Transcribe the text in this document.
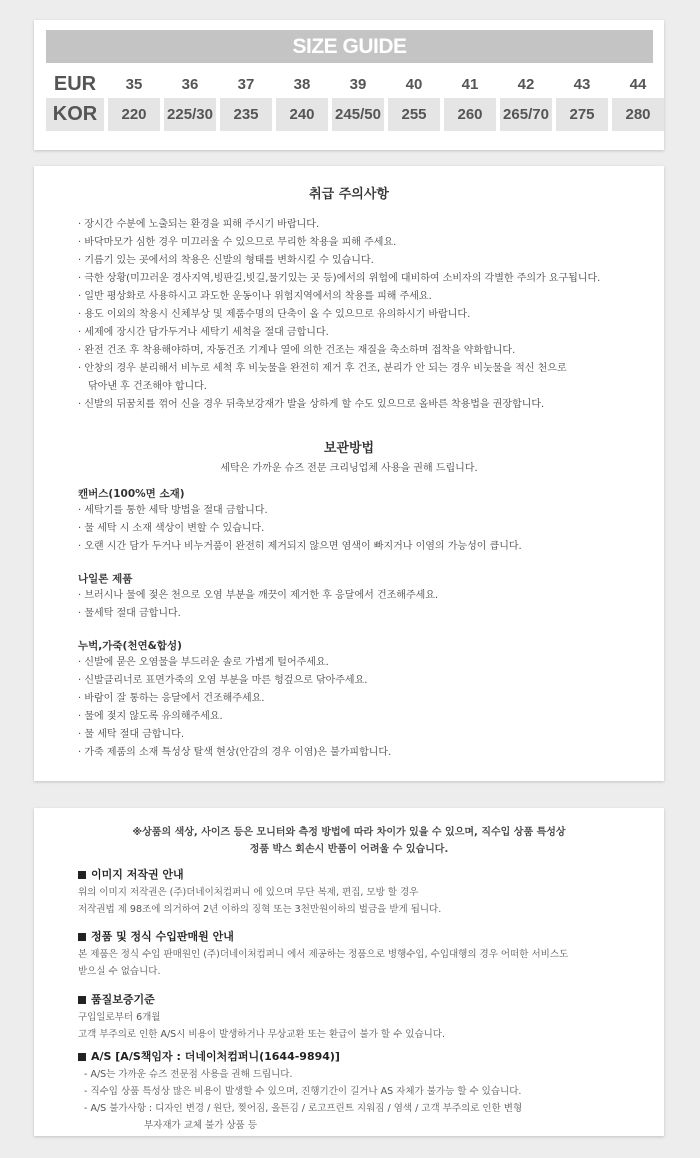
SIZE GUIDE
EUR	35	36	37	38	39	40	41	42	43	44
KOR	220	225/30	235	240	245/50	255	260	265/70	275	280
취급 주의사항
· 장시간 수분에 노출되는 환경을 피해 주시기 바랍니다.
· 바닥마모가 심한 경우 미끄러울 수 있으므로 무리한 착용을 피해 주세요.
· 기름기 있는 곳에서의 착용은 신발의 형태를 변화시킬 수 있습니다.
· 극한 상황(미끄러운 경사지역,빙판길,빗길,물기있는 곳 등)에서의 위험에 대비하여 소비자의 각별한 주의가 요구됩니다.
· 일반 평상화로 사용하시고 과도한 운동이나 위험지역에서의 착용를 피해 주세요.
· 용도 이외의 착용시 신체부상 및 제품수명의 단축이 올 수 있으므로 유의하시기 바랍니다.
· 세제에 장시간 담가두거나 세탁기 세척을 절대 금합니다.
· 완전 건조 후 착용해야하며, 자동건조 기계나 열에 의한 건조는 재질을 축소하며 접착을 약화합니다.
· 안창의 경우 분리해서 비누로 세척 후 비눗물을 완전히 제거 후 건조, 분리가 안 되는 경우 비눗물을 적신 천으로
닦아낸 후 건조해야 합니다.
· 신발의 뒤꿈치를 꺾어 신을 경우 뒤축보강재가 발을 상하게 할 수도 있으므로 올바른 착용법을 권장합니다.
보관방법
세탁은 가까운 슈즈 전문 크리닝업체 사용을 권해 드립니다.
캔버스(100%면 소재)
· 세탁기를 통한 세탁 방법을 절대 금합니다.
· 물 세탁 시 소재 색상이 변할 수 있습니다.
· 오랜 시간 담가 두거나 비누거품이 완전히 제거되지 않으면 염색이 빠지거나 이염의 가능성이 큽니다.
나일론 제품
· 브러시나 물에 젖은 천으로 오염 부분을 깨끗이 제거한 후 응달에서 건조해주세요.
· 물세탁 절대 금합니다.
누벅,가죽(천연&합성)
· 신발에 묻은 오염물을 부드러운 솔로 가볍게 털어주세요.
· 신발클리너로 표면가죽의 오염 부분을 마른 헝겊으로 닦아주세요.
· 바람이 잘 통하는 응달에서 건조해주세요.
· 물에 젖지 않도록 유의해주세요.
· 물 세탁 절대 금합니다.
· 가죽 제품의 소재 특성상 탈색 현상(안감의 경우 이염)은 불가피합니다.
※상품의 색상, 사이즈 등은 모니터와 측정 방법에 따라 차이가 있을 수 있으며, 직수입 상품 특성상
정품 박스 회손시 반품이 어려울 수 있습니다.
이미지 저작권 안내
위의 이미지 저작권은 (주)더네이처컴퍼니 에 있으며 무단 복제, 편집, 모방 할 경우
저작권법 제 98조에 의거하여 2년 이하의 징혁 또는 3천만원이하의 벌금을 받게 됩니다.
정품 및 정식 수입판매원 안내
본 제품은 정식 수입 판매원인 (주)더네이처컴퍼니 에서 제공하는 정품으로 병행수입, 수입대행의 경우 어떠한 서비스도
받으실 수 없습니다.
품질보증기준
구입일로부터 6개월
고객 부주의로 인한 A/S시 비용이 발생하거나 무상교환 또는 환급이 불가 할 수 있습니다.
A/S [A/S책임자 : 더네이처컴퍼니(1644-9894)]
- A/S는 가까운 슈즈 전문점 사용을 권해 드립니다.
- 직수입 상품 특성상 많은 비용이 발생할 수 있으며, 진행기간이 길거나 AS 자체가 불가능 할 수 있습니다.
- A/S 불가사항 : 디자인 변경 / 원단, 찢어짐, 올튼김 / 로고프린트 지워짐 / 염색 / 고객 부주의로 인한 변형
부자재가 교체 불가 상품 등
